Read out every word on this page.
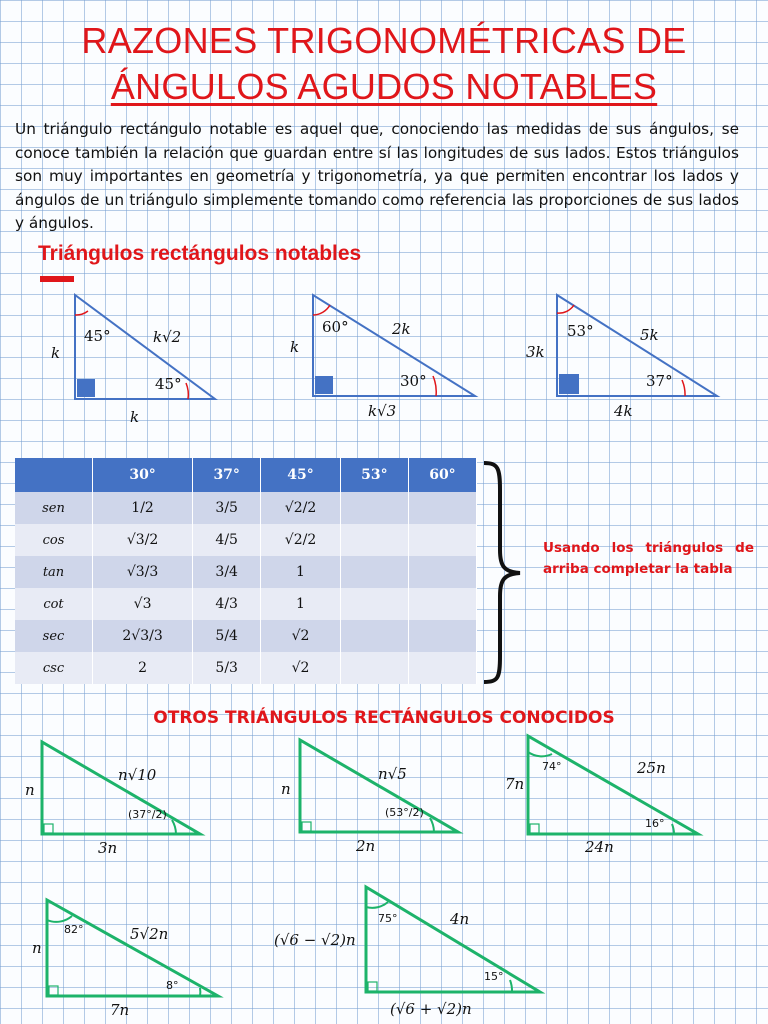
RAZONES TRIGONOMÉTRICAS DE
ÁNGULOS AGUDOS NOTABLES
Un triángulo rectángulo notable es aquel que, conociendo las medidas de sus ángulos, se conoce también la relación que guardan entre sí las longitudes de sus lados. Estos triángulos son muy importantes en geometría y trigonometría, ya que permiten encontrar los lados y ángulos de un triángulo simplemente tomando como referencia las proporciones de sus lados y ángulos.
Triángulos rectángulos notables
45°
k
k√2
45°
k
60°
k
2k
30°
k√3
53°
3k
5k
37°
4k
	30°	37°	45°	53°	60°
sen	1/2	3/5	√2/2		
cos	√3/2	4/5	√2/2		
tan	√3/3	3/4	1		
cot	√3	4/3	1		
sec	2√3/3	5/4	√2		
csc	2	5/3	√2		
Usando los triángulos de arriba completar la tabla
OTROS TRIÁNGULOS RECTÁNGULOS CONOCIDOS
n
n√10
(37°/2)
3n
n
n√5
(53°/2)
2n
7n
74°	25n
16°
24n
n
82°	5√2n
8°
7n
(√6 − √2)n
75°	4n
15°
(√6 + √2)n
